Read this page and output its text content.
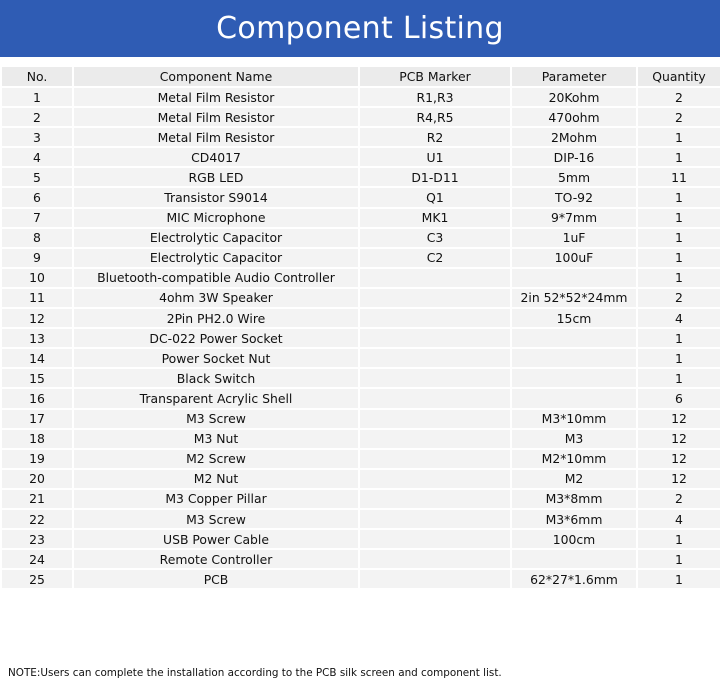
Component Listing
No.	Component Name	PCB Marker	Parameter	Quantity
1	Metal Film Resistor	R1,R3	20Kohm	2
2	Metal Film Resistor	R4,R5	470ohm	2
3	Metal Film Resistor	R2	2Mohm	1
4	CD4017	U1	DIP-16	1
5	RGB LED	D1-D11	5mm	11
6	Transistor S9014	Q1	TO-92	1
7	MIC Microphone	MK1	9*7mm	1
8	Electrolytic Capacitor	C3	1uF	1
9	Electrolytic Capacitor	C2	100uF	1
10	Bluetooth-compatible Audio Controller			1
11	4ohm 3W Speaker		2in 52*52*24mm	2
12	2Pin PH2.0 Wire		15cm	4
13	DC-022 Power Socket			1
14	Power Socket Nut			1
15	Black Switch			1
16	Transparent Acrylic Shell			6
17	M3 Screw		M3*10mm	12
18	M3 Nut		M3	12
19	M2 Screw		M2*10mm	12
20	M2 Nut		M2	12
21	M3 Copper Pillar		M3*8mm	2
22	M3 Screw		M3*6mm	4
23	USB Power Cable		100cm	1
24	Remote Controller			1
25	PCB		62*27*1.6mm	1
NOTE:Users can complete the installation according to the PCB silk screen and component list.
